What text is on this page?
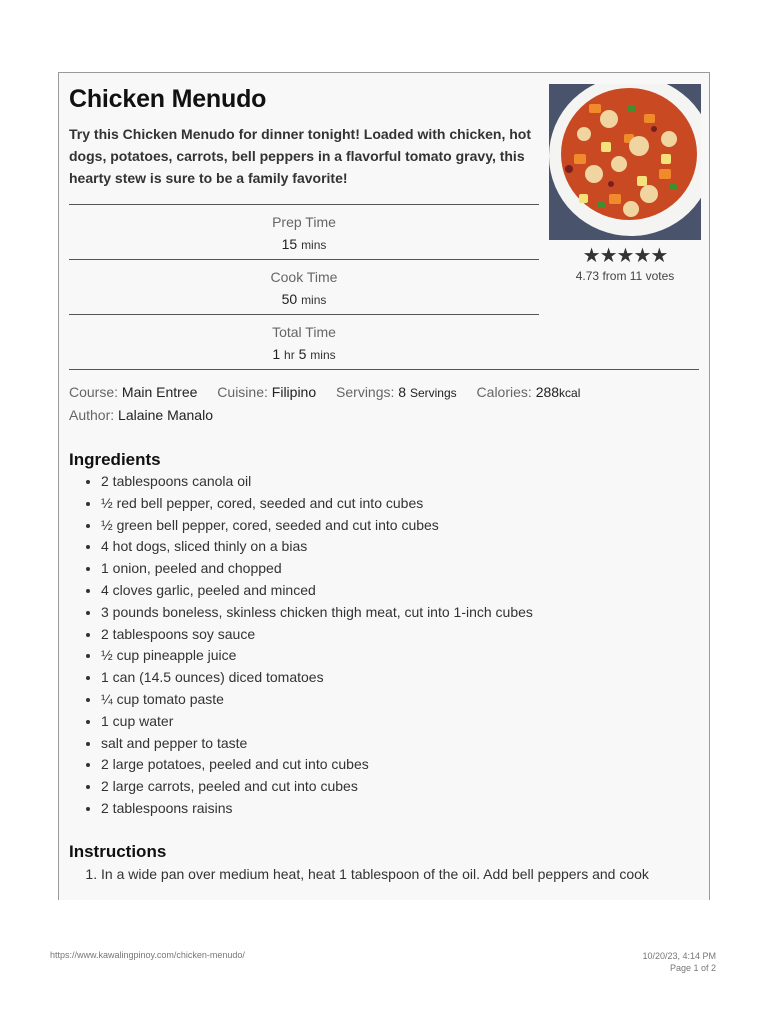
Chicken Menudo
Try this Chicken Menudo for dinner tonight! Loaded with chicken, hot dogs, potatoes, carrots, bell peppers in a flavorful tomato gravy, this hearty stew is sure to be a family favorite!
★★★★★
4.73 from 11 votes
Prep Time
15 mins
Cook Time
50 mins
Total Time
1 hr 5 mins
Course: Main Entree Cuisine: Filipino Servings: 8 Servings Calories: 288kcal
Author: Lalaine Manalo
Ingredients
• 2 tablespoons canola oil
• ½ red bell pepper, cored, seeded and cut into cubes
• ½ green bell pepper, cored, seeded and cut into cubes
• 4 hot dogs, sliced thinly on a bias
• 1 onion, peeled and chopped
• 4 cloves garlic, peeled and minced
• 3 pounds boneless, skinless chicken thigh meat, cut into 1-inch cubes
• 2 tablespoons soy sauce
• ½ cup pineapple juice
• 1 can (14.5 ounces) diced tomatoes
• ¼ cup tomato paste
• 1 cup water
• salt and pepper to taste
• 2 large potatoes, peeled and cut into cubes
• 2 large carrots, peeled and cut into cubes
• 2 tablespoons raisins
Instructions
1. In a wide pan over medium heat, heat 1 tablespoon of the oil. Add bell peppers and cook
https://www.kawalingpinoy.com/chicken-menudo/	10/20/23, 4:14 PM
Page 1 of 2
